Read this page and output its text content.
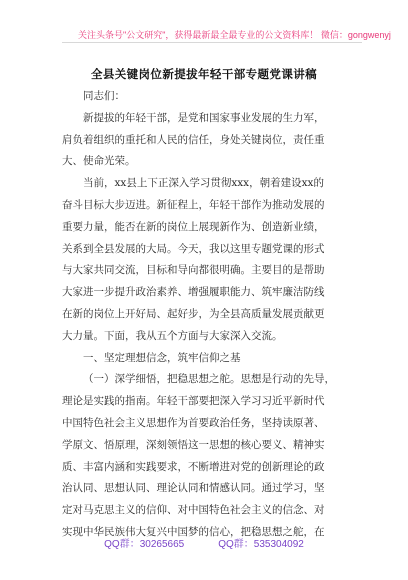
关注头条号"公文研究"，获得最新最全最专业的公文资料库！ 微信：gongwenyj
全县关键岗位新提拔年轻干部专题党课讲稿
同志们：
新提拔的年轻干部，是党和国家事业发展的生力军，
肩负着组织的重托和人民的信任，身处关键岗位，责任重
大、使命光荣。
当前，xx县上下正深入学习贯彻xxx，朝着建设xx的
奋斗目标大步迈进。新征程上，年轻干部作为推动发展的
重要力量，能否在新的岗位上展现新作为、创造新业绩，
关系到全县发展的大局。今天，我以这里专题党课的形式
与大家共同交流，目标和导向都很明确。主要目的是帮助
大家进一步提升政治素养、增强履职能力、筑牢廉洁防线
在新的岗位上开好局、起好步，为全县高质量发展贡献更
大力量。下面，我从五个方面与大家深入交流。
一、坚定理想信念，筑牢信仰之基
（一）深学细悟，把稳思想之舵。思想是行动的先导，
理论是实践的指南。年轻干部要把深入学习习近平新时代
中国特色社会主义思想作为首要政治任务，坚持读原著、
学原文、悟原理，深刻领悟这一思想的核心要义、精神实
质、丰富内涵和实践要求，不断增进对党的创新理论的政
治认同、思想认同、理论认同和情感认同。通过学习，坚
定对马克思主义的信仰、对中国特色社会主义的信念、对
实现中华民族伟大复兴中国梦的信心，把稳思想之舵，在
QQ群：30265665	QQ群：535304092
